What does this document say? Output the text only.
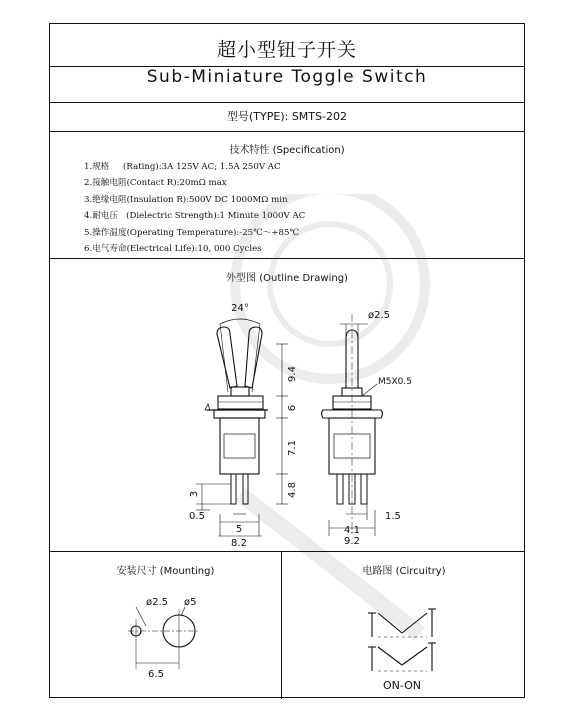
超小型钮子开关
Sub-Miniature Toggle Switch
型号(TYPE): SMTS-202
技术特性 (Specification)
1.规格     (Rating):3A 125V AC; 1.5A 250V AC
2.接触电阻(Contact R):20mΩ max
3.绝缘电阻(Insulation R):500V DC 1000MΩ min
4.耐电压   (Dielectric Strength):1 Minute 1000V AC
5.操作温度(Operating Temperature):-25℃～+85℃
6.电气寿命(Electrical Life):10, 000 Cycles
外型图 (Outline Drawing)
24°
9.4
6
7.1
4.8
3
0.5
5
8.2
ø2.5
M5X0.5
4.1
1.5
9.2
安装尺寸 (Mounting)	电路图 (Circuitry)
ø2.5 ø5
6.5
ON-ON
